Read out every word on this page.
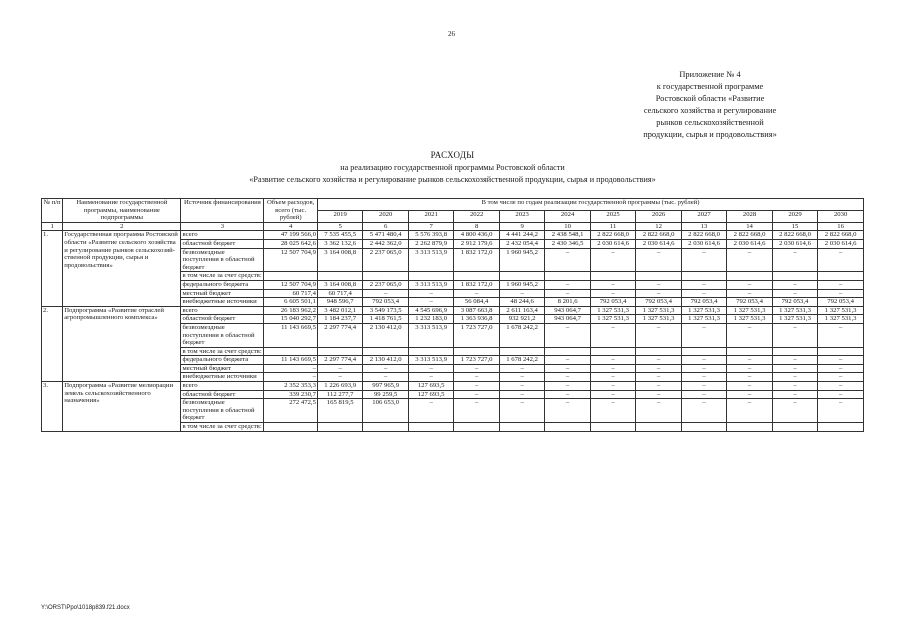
26
Приложение № 4
к государственной программе
Ростовской области «Развитие
сельского хозяйства и регулирование
рынков сельскохозяйственной
продукции, сырья и продовольствия»
РАСХОДЫ
на реализацию государственной программы Ростовской области
«Развитие сельского хозяйства и регулирование рынков сельскохозяйственной продукции, сырья и продовольствия»
№ п/п	Наименование государственной программы, наименование подпрограммы	Источник финансирования	Объем расходов, всего (тыс. рублей)	В том числе по годам реализации государственной программы (тыс. рублей)											
				2019	2020	2021	2022	2023	2024	2025	2026	2027	2028	2029	2030
1	2	3	4	5	6	7	8	9	10	11	12	13	14	15	16
1.	Государственная программа Ростовской области «Развитие сельского хозяйства и регулирование рынков сельскохозяйственной продукции, сырья и продовольствия»	всего	47 199 566,0	7 535 455,5	5 471 480,4	5 576 393,8	4 800 436,0	4 441 244,2	2 438 548,1	2 822 668,0	2 822 668,0	2 822 668,0	2 822 668,0	2 822 668,0	2 822 668,0
		областной бюджет	28 025 642,6	3 362 132,6	2 442 362,0	2 262 879,9	2 912 179,6	2 432 054,4	2 430 346,5	2 030 614,6	2 030 614,6	2 030 614,6	2 030 614,6	2 030 614,6	2 030 614,6
		безвозмездные поступления в областной бюджет	12 507 704,9	3 164 008,8	2 237 065,0	3 313 513,9	1 832 172,0	1 960 945,2	–	–	–	–	–	–	–
		в том числе за счет средств:													
		федерального бюджета	12 507 704,9	3 164 008,8	2 237 065,0	3 313 513,9	1 832 172,0	1 960 945,2	–	–	–	–	–	–	–
		местный бюджет	60 717,4	60 717,4	–	–	–	–	–	–	–	–	–	–	–
		внебюджетные источники	6 605 501,1	948 596,7	792 053,4	–	56 084,4	48 244,6	8 201,6	792 053,4	792 053,4	792 053,4	792 053,4	792 053,4	792 053,4
2.	Подпрограмма «Развитие отраслей агропромышленного комплекса»	всего	26 183 962,2	3 482 012,1	3 549 173,5	4 545 696,9	3 087 663,8	2 611 163,4	943 064,7	1 327 531,3	1 327 531,3	1 327 531,3	1 327 531,3	1 327 531,3	1 327 531,3
		областной бюджет	15 040 292,7	1 184 237,7	1 418 761,5	1 232 183,0	1 363 936,8	932 921,2	943 064,7	1 327 531,3	1 327 531,3	1 327 531,3	1 327 531,3	1 327 531,3	1 327 531,3
		безвозмездные поступления в областной бюджет	11 143 669,5	2 297 774,4	2 130 412,0	3 313 513,9	1 723 727,0	1 678 242,2	–	–	–	–	–	–	–
		в том числе за счет средств:													
		федерального бюджета	11 143 669,5	2 297 774,4	2 130 412,0	3 313 513,9	1 723 727,0	1 678 242,2	–	–	–	–	–	–	–
		местный бюджет	–	–	–	–	–	–	–	–	–	–	–	–	–
		внебюджетные источники	–	–	–	–	–	–	–	–	–	–	–	–	–
3.	Подпрограмма «Развитие мелиорации земель сельскохозяйственного назначения»	всего	2 352 353,3	1 226 693,9	997 965,9	127 693,5	–	–	–	–	–	–	–	–	–
		областной бюджет	339 230,7	112 277,7	99 259,5	127 693,5	–	–	–	–	–	–	–	–	–
		безвозмездные поступления в областной бюджет	272 472,5	165 819,5	106 653,0	–	–	–	–	–	–	–	–	–	–
		в том числе за счет средств:													
Y:\ORST\Ppo\1018p839.f21.docx
